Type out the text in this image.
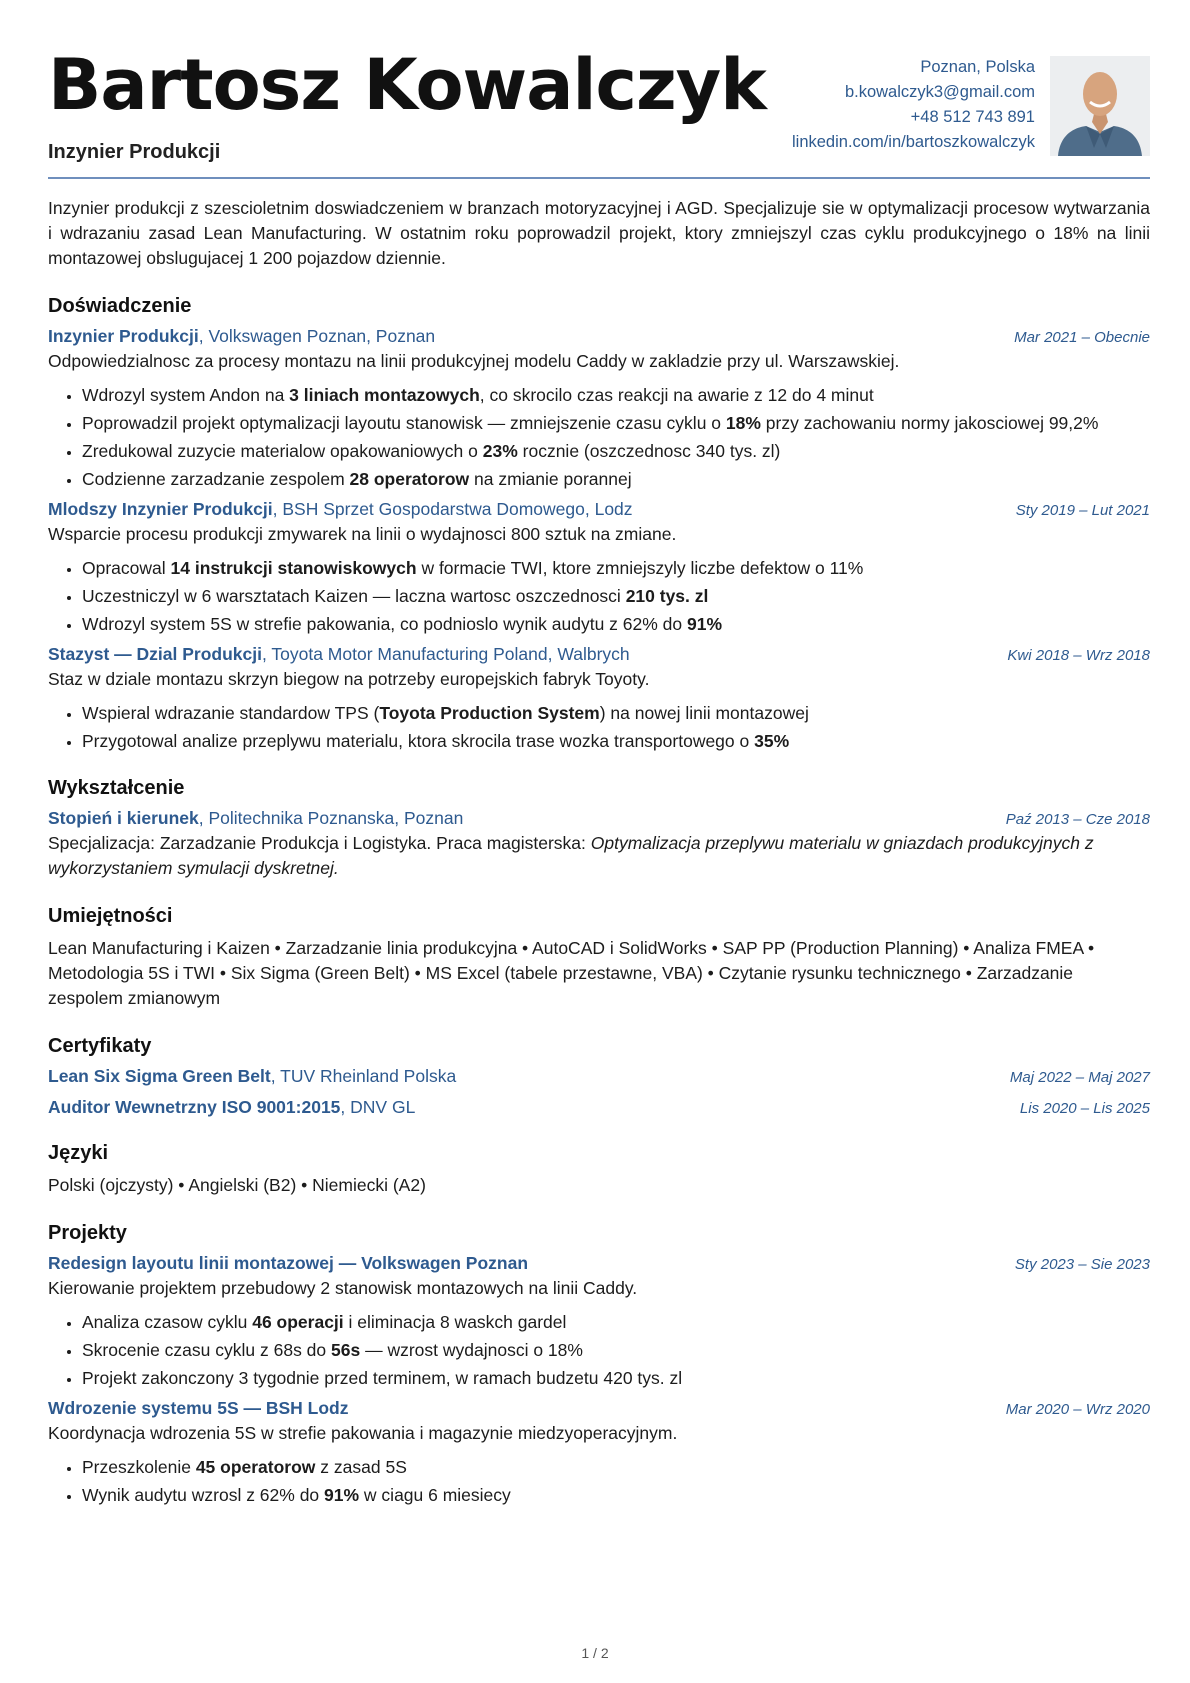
Bartosz Kowalczyk
Inzynier Produkcji
Poznan, Polska
b.kowalczyk3@gmail.com
+48 512 743 891
linkedin.com/in/bartoszkowalczyk
Inzynier produkcji z szescioletnim doswiadczeniem w branzach motoryzacyjnej i AGD. Specjalizuje sie w optymalizacji procesow wytwarzania i wdrazaniu zasad Lean Manufacturing. W ostatnim roku poprowadzil projekt, ktory zmniejszyl czas cyklu produkcyjnego o 18% na linii montazowej obslugujacej 1 200 pojazdow dziennie.
Doświadczenie
Inzynier Produkcji, Volkswagen Poznan, Poznan	Mar 2021 – Obecnie
Odpowiedzialnosc za procesy montazu na linii produkcyjnej modelu Caddy w zakladzie przy ul. Warszawskiej.
• Wdrozyl system Andon na 3 liniach montazowych, co skrocilo czas reakcji na awarie z 12 do 4 minut
• Poprowadzil projekt optymalizacji layoutu stanowisk — zmniejszenie czasu cyklu o 18% przy zachowaniu normy jakosciowej 99,2%
• Zredukowal zuzycie materialow opakowaniowych o 23% rocznie (oszczednosc 340 tys. zl)
• Codzienne zarzadzanie zespolem 28 operatorow na zmianie porannej
Mlodszy Inzynier Produkcji, BSH Sprzet Gospodarstwa Domowego, Lodz	Sty 2019 – Lut 2021
Wsparcie procesu produkcji zmywarek na linii o wydajnosci 800 sztuk na zmiane.
• Opracowal 14 instrukcji stanowiskowych w formacie TWI, ktore zmniejszyly liczbe defektow o 11%
• Uczestniczyl w 6 warsztatach Kaizen — laczna wartosc oszczednosci 210 tys. zl
• Wdrozyl system 5S w strefie pakowania, co podnioslo wynik audytu z 62% do 91%
Stazyst — Dzial Produkcji, Toyota Motor Manufacturing Poland, Walbrych	Kwi 2018 – Wrz 2018
Staz w dziale montazu skrzyn biegow na potrzeby europejskich fabryk Toyoty.
• Wspieral wdrazanie standardow TPS (Toyota Production System) na nowej linii montazowej
• Przygotowal analize przeplywu materialu, ktora skrocila trase wozka transportowego o 35%
Wykształcenie
Stopień i kierunek, Politechnika Poznanska, Poznan	Paź 2013 – Cze 2018
Specjalizacja: Zarzadzanie Produkcja i Logistyka. Praca magisterska: Optymalizacja przeplywu materialu w gniazdach produkcyjnych z wykorzystaniem symulacji dyskretnej.
Umiejętności
Lean Manufacturing i Kaizen • Zarzadzanie linia produkcyjna • AutoCAD i SolidWorks • SAP PP (Production Planning) • Analiza FMEA • Metodologia 5S i TWI • Six Sigma (Green Belt) • MS Excel (tabele przestawne, VBA) • Czytanie rysunku technicznego • Zarzadzanie zespolem zmianowym
Certyfikaty
Lean Six Sigma Green Belt, TUV Rheinland Polska	Maj 2022 – Maj 2027
Auditor Wewnetrzny ISO 9001:2015, DNV GL	Lis 2020 – Lis 2025
Języki
Polski (ojczysty) • Angielski (B2) • Niemiecki (A2)
Projekty
Redesign layoutu linii montazowej — Volkswagen Poznan	Sty 2023 – Sie 2023
Kierowanie projektem przebudowy 2 stanowisk montazowych na linii Caddy.
• Analiza czasow cyklu 46 operacji i eliminacja 8 waskch gardel
• Skrocenie czasu cyklu z 68s do 56s — wzrost wydajnosci o 18%
• Projekt zakonczony 3 tygodnie przed terminem, w ramach budzetu 420 tys. zl
Wdrozenie systemu 5S — BSH Lodz	Mar 2020 – Wrz 2020
Koordynacja wdrozenia 5S w strefie pakowania i magazynie miedzyoperacyjnym.
• Przeszkolenie 45 operatorow z zasad 5S
• Wynik audytu wzrosl z 62% do 91% w ciagu 6 miesiecy
1 / 2
